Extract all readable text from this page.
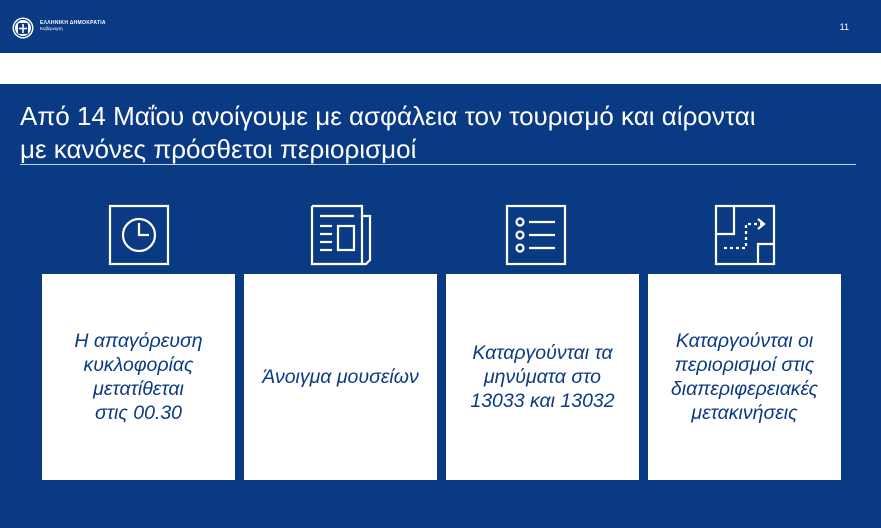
ΕΛΛΗΝΙΚΗ ΔΗΜΟΚΡΑΤΙΑ
Κυβέρνηση	11
Από 14 Μαΐου ανοίγουμε με ασφάλεια τον τουρισμό και αίρονται
με κανόνες πρόσθετοι περιορισμοί
Η απαγόρευση
κυκλοφορίας
μετατίθεται
στις 00.30
Άνοιγμα μουσείων
Καταργούνται τα
μηνύματα στο
13033 και 13032
Καταργούνται οι
περιορισμοί στις
διαπεριφερειακές
μετακινήσεις
